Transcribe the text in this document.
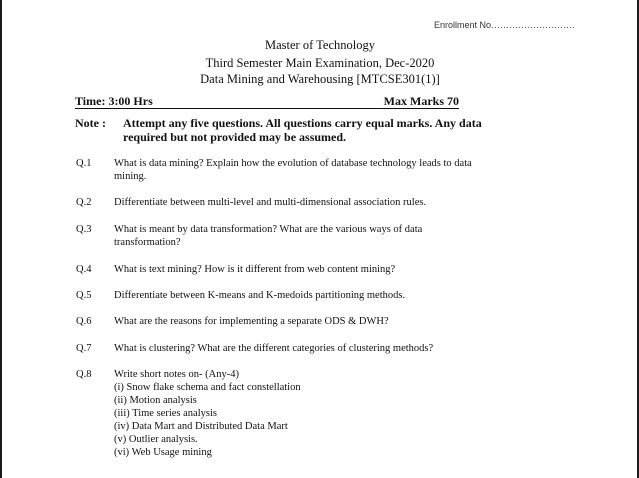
Enrollment No……………………….
Master of Technology
Third Semester Main Examination, Dec-2020
Data Mining and Warehousing [MTCSE301(1)]
Time: 3:00 Hrs	Max Marks 70
Note : Attempt any five questions. All questions carry equal marks. Any data required but not provided may be assumed.
Q.1 What is data mining? Explain how the evolution of database technology leads to data mining.
Q.2 Differentiate between multi-level and multi-dimensional association rules.
Q.3 What is meant by data transformation? What are the various ways of data transformation?
Q.4 What is text mining? How is it different from web content mining?
Q.5 Differentiate between K-means and K-medoids partitioning methods.
Q.6 What are the reasons for implementing a separate ODS & DWH?
Q.7 What is clustering? What are the different categories of clustering methods?
Q.8 Write short notes on- (Any-4)
(i) Snow flake schema and fact constellation
(ii) Motion analysis
(iii) Time series analysis
(iv) Data Mart and Distributed Data Mart
(v) Outlier analysis.
(vi) Web Usage mining
